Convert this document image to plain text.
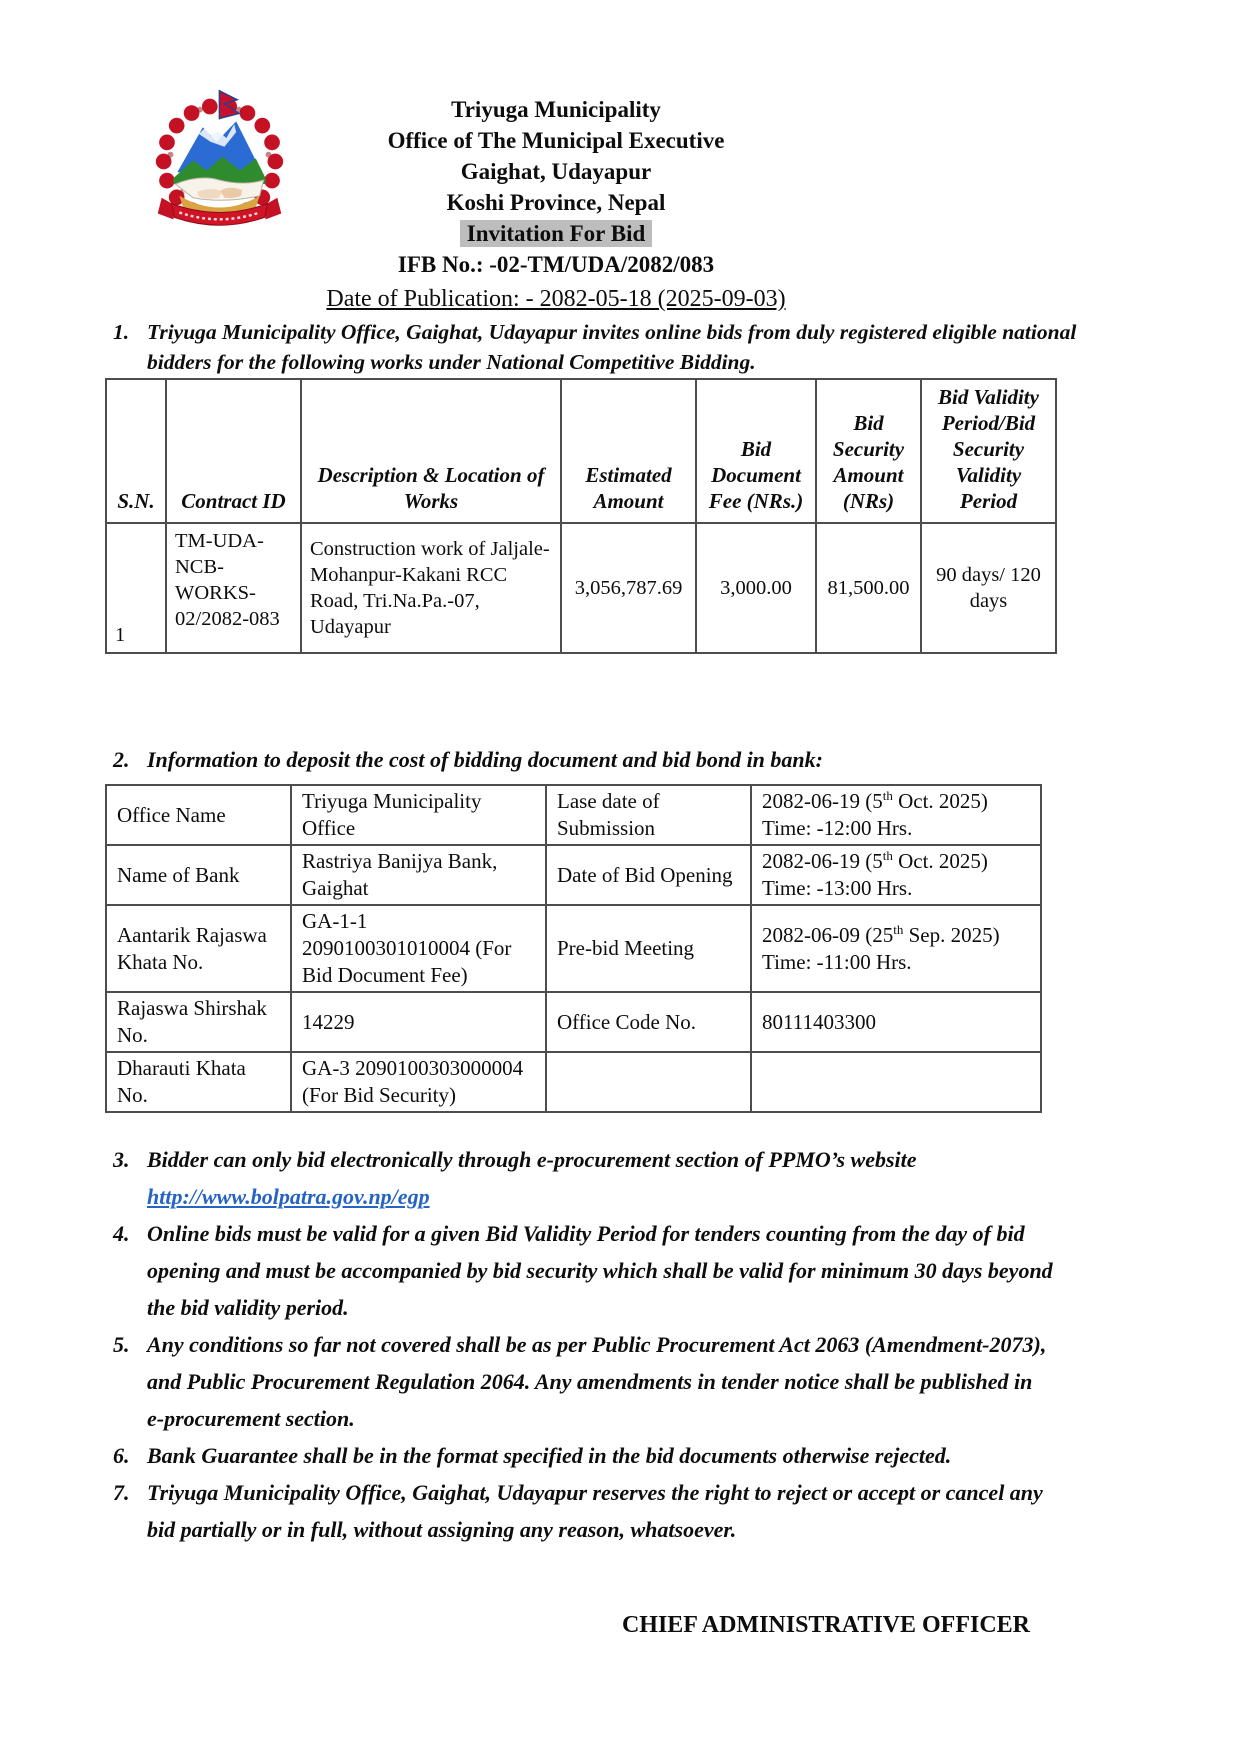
Triyuga Municipality
Office of The Municipal Executive
Gaighat, Udayapur
Koshi Province, Nepal
Invitation For Bid
IFB No.: -02-TM/UDA/2082/083
Date of Publication: - 2082-05-18 (2025-09-03)
1. Triyuga Municipality Office, Gaighat, Udayapur invites online bids from duly registered eligible national bidders for the following works under National Competitive Bidding.
S.N.	Contract ID	Description & Location of Works	Estimated Amount	Bid Document Fee (NRs.)	Bid Security Amount (NRs)	Bid Validity Period/Bid Security Validity Period
1	TM-UDA-NCB-WORKS-02/2082-083	Construction work of Jaljale-Mohanpur-Kakani RCC Road, Tri.Na.Pa.-07, Udayapur	3,056,787.69	3,000.00	81,500.00	90 days/ 120 days
2. Information to deposit the cost of bidding document and bid bond in bank:
Office Name	Triyuga Municipality Office	Lase date of Submission	2082-06-19 (5th Oct. 2025)
Time: -12:00 Hrs.

Name of Bank	Rastriya Banijya Bank, Gaighat	Date of Bid Opening	2082-06-19 (5th Oct. 2025)
Time: -13:00 Hrs.

Aantarik Rajaswa Khata No.	GA-1-1 2090100301010004 (For Bid Document Fee)	Pre-bid Meeting	2082-06-09 (25th Sep. 2025)
Time: -11:00 Hrs.

Rajaswa Shirshak No.	14229	Office Code No.	80111403300
Dharauti Khata No.	GA-3 2090100303000004 (For Bid Security)		
3. Bidder can only bid electronically through e-procurement section of PPMO’s website http://www.bolpatra.gov.np/egp
4. Online bids must be valid for a given Bid Validity Period for tenders counting from the day of bid opening and must be accompanied by bid security which shall be valid for minimum 30 days beyond the bid validity period.
5. Any conditions so far not covered shall be as per Public Procurement Act 2063 (Amendment-2073), and Public Procurement Regulation 2064. Any amendments in tender notice shall be published in e-procurement section.
6. Bank Guarantee shall be in the format specified in the bid documents otherwise rejected.
7. Triyuga Municipality Office, Gaighat, Udayapur reserves the right to reject or accept or cancel any bid partially or in full, without assigning any reason, whatsoever.
CHIEF ADMINISTRATIVE OFFICER
